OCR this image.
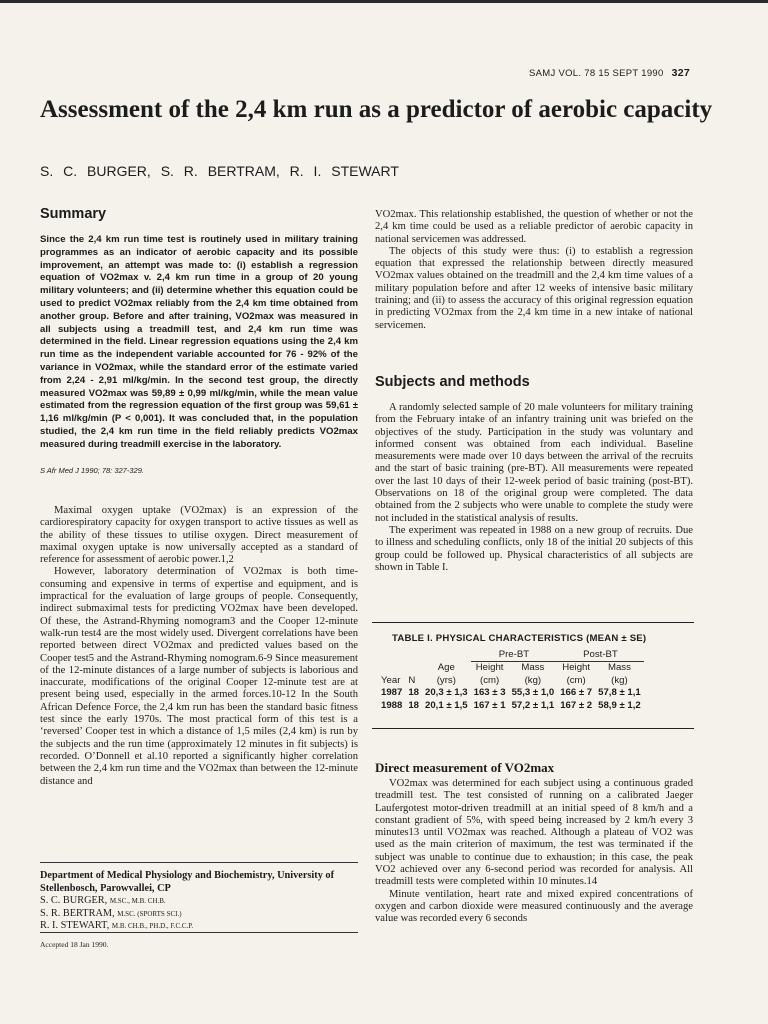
SAMJ VOL. 78 15 SEPT 1990 327
Assessment of the 2,4 km run as a predictor of aerobic capacity
S. C. BURGER, S. R. BERTRAM, R. I. STEWART
Summary
Since the 2,4 km run time test is routinely used in military training programmes as an indicator of aerobic capacity and its possible improvement, an attempt was made to: (i) establish a regression equation of VO2max v. 2,4 km run time in a group of 20 young military volunteers; and (ii) determine whether this equation could be used to predict VO2max reliably from the 2,4 km time obtained from another group. Before and after training, VO2max was measured in all subjects using a treadmill test, and 2,4 km run time was determined in the field. Linear regression equations using the 2,4 km run time as the independent variable accounted for 76 - 92% of the variance in VO2max, while the standard error of the estimate varied from 2,24 - 2,91 ml/kg/min. In the second test group, the directly measured VO2max was 59,89 ± 0,99 ml/kg/min, while the mean value estimated from the regression equation of the first group was 59,61 ± 1,16 ml/kg/min (P < 0,001). It was concluded that, in the population studied, the 2,4 km run time in the field reliably predicts VO2max measured during treadmill exercise in the laboratory.
S Afr Med J 1990; 78: 327-329.

Maximal oxygen uptake (VO2max) is an expression of the cardiorespiratory capacity for oxygen transport to active tissues as well as the ability of these tissues to utilise oxygen. Direct measurement of maximal oxygen uptake is now universally accepted as a standard of reference for assessment of aerobic power.1,2

However, laboratory determination of VO2max is both time-consuming and expensive in terms of expertise and equipment, and is impractical for the evaluation of large groups of people. Consequently, indirect submaximal tests for predicting VO2max have been developed. Of these, the Astrand-Rhyming nomogram3 and the Cooper 12-minute walk-run test4 are the most widely used. Divergent correlations have been reported between direct VO2max and predicted values based on the Cooper test5 and the Astrand-Rhyming nomogram.6-9 Since measurement of the 12-minute distances of a large number of subjects is laborious and inaccurate, modifications of the original Cooper 12-minute test are at present being used, especially in the armed forces.10-12 In the South African Defence Force, the 2,4 km run has been the standard basic fitness test since the early 1970s. The most practical form of this test is a ‘reversed’ Cooper test in which a distance of 1,5 miles (2,4 km) is run by the subjects and the run time (approximately 12 minutes in fit subjects) is recorded. O’Donnell et al.10 reported a significantly higher correlation between the 2,4 km run time and the VO2max than between the 12-minute distance and

Department of Medical Physiology and Biochemistry, University of Stellenbosch, Parowvallei, CP
S. C. BURGER, M.SC., M.B. CH.B.
S. R. BERTRAM, M.SC. (SPORTS SCI.)
R. I. STEWART, M.B. CH.B., PH.D., F.C.C.P.
Accepted 18 Jan 1990.

VO2max. This relationship established, the question of whether or not the 2,4 km time could be used as a reliable predictor of aerobic capacity in national servicemen was addressed.

The objects of this study were thus: (i) to establish a regression equation that expressed the relationship between directly measured VO2max values obtained on the treadmill and the 2,4 km time values of a military population before and after 12 weeks of intensive basic military training; and (ii) to assess the accuracy of this original regression equation in predicting VO2max from the 2,4 km time in a new intake of national servicemen.

Subjects and methods

A randomly selected sample of 20 male volunteers for military training from the February intake of an infantry training unit was briefed on the objectives of the study. Participation in the study was voluntary and informed consent was obtained from each individual. Baseline measurements were made over 10 days between the arrival of the recruits and the start of basic training (pre-BT). All measurements were repeated over the last 10 days of their 12-week period of basic training (post-BT). Observations on 18 of the original group were completed. The data obtained from the 2 subjects who were unable to complete the study were not included in the statistical analysis of results.

The experiment was repeated in 1988 on a new group of recruits. Due to illness and scheduling conflicts, only 18 of the initial 20 subjects of this group could be followed up. Physical characteristics of all subjects are shown in Table I.

TABLE I. PHYSICAL CHARACTERISTICS (MEAN ± SE)
			Pre-BT		Post-BT	
		Age	Height	Mass	Height	Mass
Year	N	(yrs)	(cm)	(kg)	(cm)	(kg)
1987	18	20,3 ± 1,3	163 ± 3	55,3 ± 1,0	166 ± 7	57,8 ± 1,1
1988	18	20,1 ± 1,5	167 ± 1	57,2 ± 1,1	167 ± 2	58,9 ± 1,2
Direct measurement of VO2max

VO2max was determined for each subject using a continuous graded treadmill test. The test consisted of running on a calibrated Jaeger Laufergotest motor-driven treadmill at an initial speed of 8 km/h and a constant gradient of 5%, with speed being increased by 2 km/h every 3 minutes13 until VO2max was reached. Although a plateau of VO2 was used as the main criterion of maximum, the test was terminated if the subject was unable to continue due to exhaustion; in this case, the peak VO2 achieved over any 6-second period was recorded for analysis. All treadmill tests were completed within 10 minutes.14

Minute ventilation, heart rate and mixed expired concentrations of oxygen and carbon dioxide were measured continuously and the average value was recorded every 6 seconds
